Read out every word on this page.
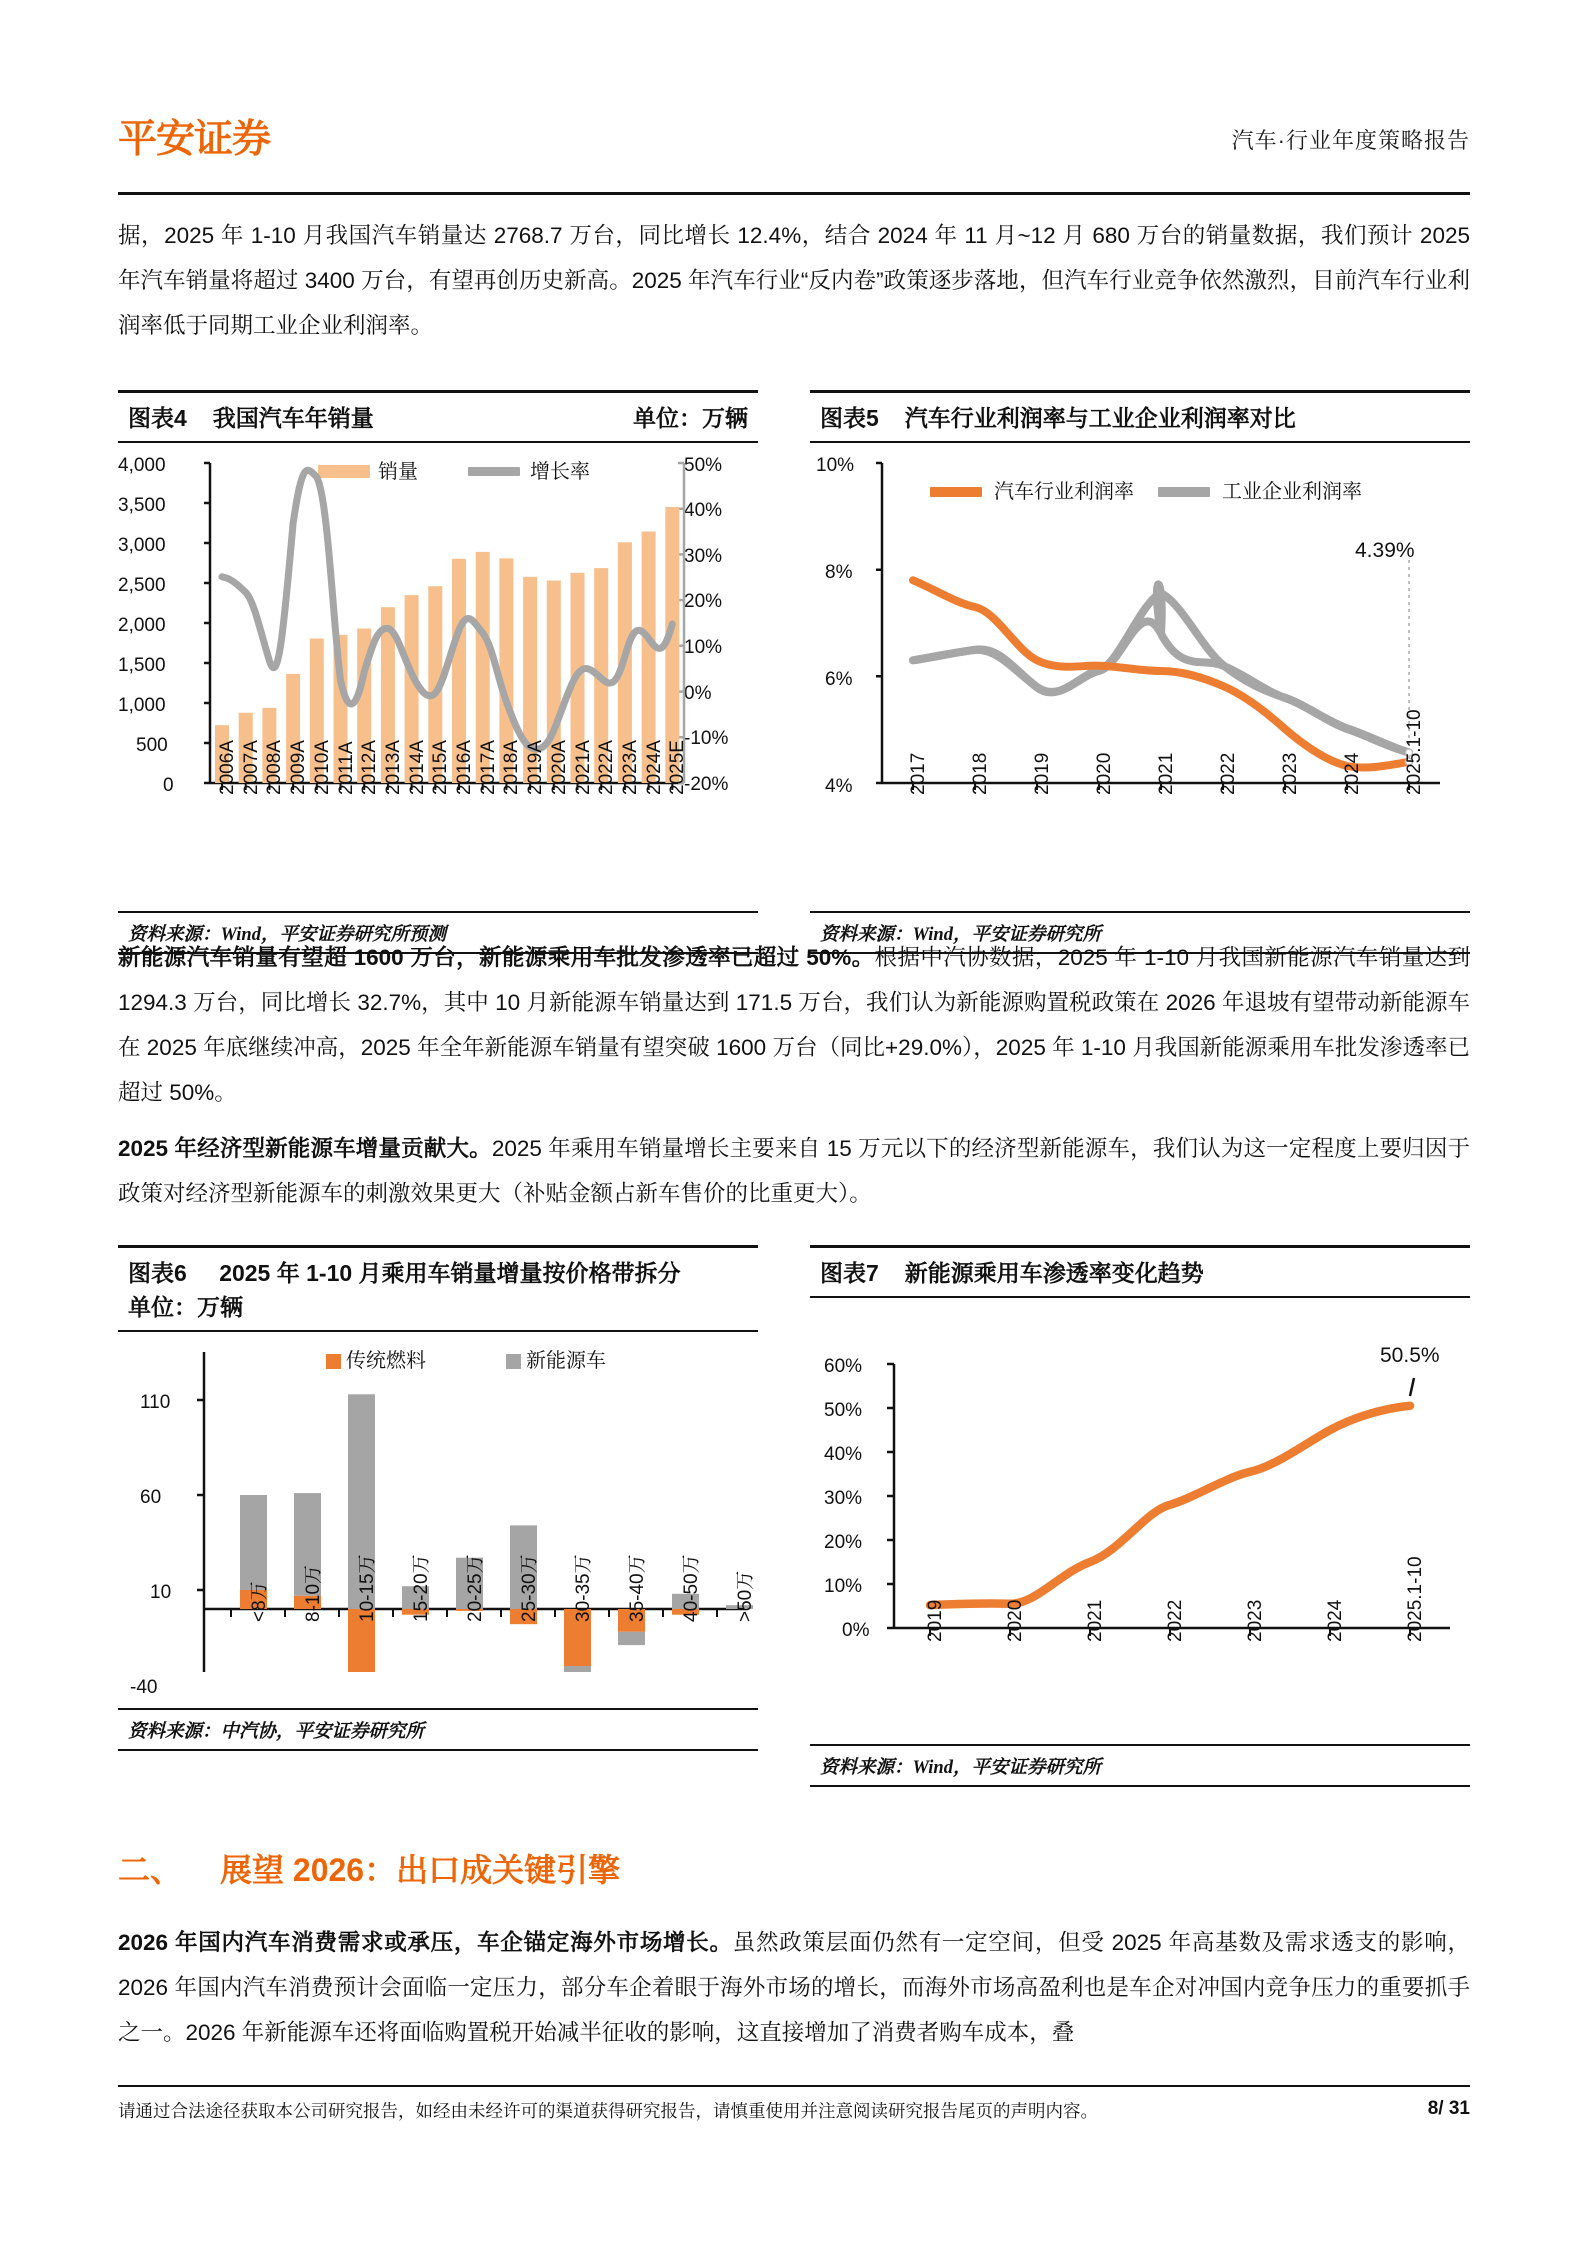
平安证券	汽车·行业年度策略报告
据，2025 年 1-10 月我国汽车销量达 2768.7 万台，同比增长 12.4%，结合 2024 年 11 月~12 月 680 万台的销量数据，我们预计 2025 年汽车销量将超过 3400 万台，有望再创历史新高。2025 年汽车行业“反内卷”政策逐步落地，但汽车行业竞争依然激烈，目前汽车行业利润率低于同期工业企业利润率。
图表4 我国汽车年销量	单位：万辆
4,000
3,500
3,000
2,500
2,000
1,500
1,000
500
0
50%
40%
30%
20%
10%
0%
-10%
-20%
销量	增长率
2006A 2007A 2008A 2009A 2010A 2011A 2012A 2013A 2014A 2015A 2016A 2017A 2018A 2019A 2020A 2021A 2022A 2023A 2024A 2025E
资料来源：Wind，平安证券研究所预测
图表5 汽车行业利润率与工业企业利润率对比
10%
8%
6%
4%
汽车行业利润率	工业企业利润率
4.39%
2017 2018 2019 2020 2021 2022 2023 2024 2025.1-10
资料来源：Wind，平安证券研究所
新能源汽车销量有望超 1600 万台，新能源乘用车批发渗透率已超过 50%。根据中汽协数据，2025 年 1-10 月我国新能源汽车销量达到 1294.3 万台，同比增长 32.7%，其中 10 月新能源车销量达到 171.5 万台，我们认为新能源购置税政策在 2026 年退坡有望带动新能源车在 2025 年底继续冲高，2025 年全年新能源车销量有望突破 1600 万台（同比+29.0%），2025 年 1-10 月我国新能源乘用车批发渗透率已超过 50%。
2025 年经济型新能源车增量贡献大。2025 年乘用车销量增长主要来自 15 万元以下的经济型新能源车，我们认为这一定程度上要归因于政策对经济型新能源车的刺激效果更大（补贴金额占新车售价的比重更大）。
图表6 2025 年 1-10 月乘用车销量增量按价格带拆分
单位：万辆
传统燃料	新能源车
110
60
10
-40
<8万 8-10万 10-15万 15-20万 20-25万 25-30万 30-35万 35-40万 40-50万 >50万
资料来源：中汽协，平安证券研究所
图表7 新能源乘用车渗透率变化趋势
60%
50%
40%
30%
20%
10%
0%
50.5%
2019	2020	2021	2022	2023	2024	2025.1-10
资料来源：Wind，平安证券研究所
二、 展望 2026：出口成关键引擎
2026 年国内汽车消费需求或承压，车企锚定海外市场增长。虽然政策层面仍然有一定空间，但受 2025 年高基数及需求透支的影响，2026 年国内汽车消费预计会面临一定压力，部分车企着眼于海外市场的增长，而海外市场高盈利也是车企对冲国内竞争压力的重要抓手之一。2026 年新能源车还将面临购置税开始减半征收的影响，这直接增加了消费者购车成本，叠
请通过合法途径获取本公司研究报告，如经由未经许可的渠道获得研究报告，请慎重使用并注意阅读研究报告尾页的声明内容。	8/ 31
